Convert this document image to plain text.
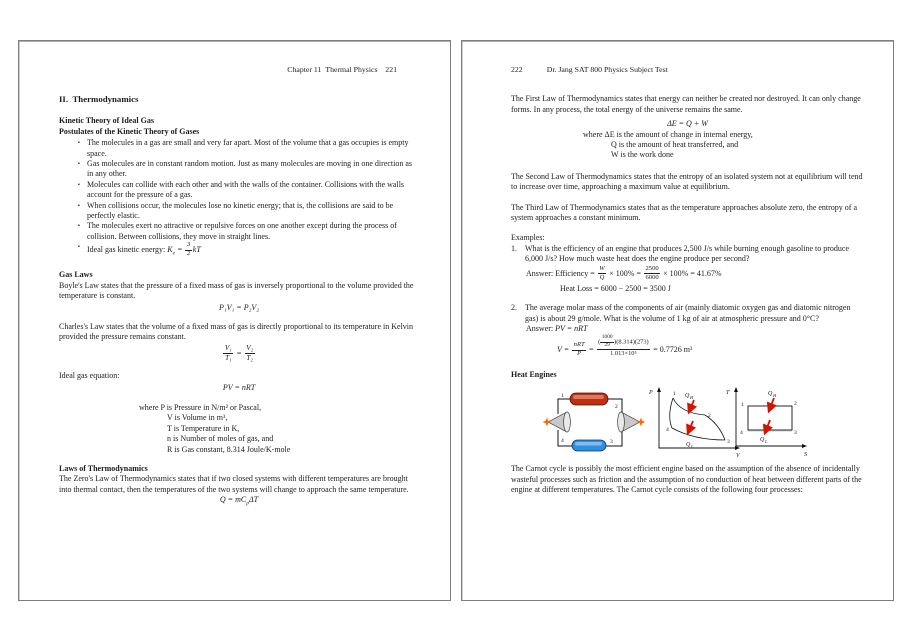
Chapter 11  Thermal Physics    221
II.  Thermodynamics
Kinetic Theory of Ideal Gas
Postulates of the Kinetic Theory of Gases
▪ The molecules in a gas are small and very far apart. Most of the volume that a gas occupies is empty space.
▪ Gas molecules are in constant random motion. Just as many molecules are moving in one direction as in any other.
▪ Molecules can collide with each other and with the walls of the container. Collisions with the walls account for the pressure of a gas.
▪ When collisions occur, the molecules lose no kinetic energy; that is, the collisions are said to be perfectly elastic.
▪ The molecules exert no attractive or repulsive forces on one another except during the process of collision. Between collisions, they move in straight lines.
▪ Ideal gas kinetic energy: $K_e = \frac{3}{2}$ kT
Gas Laws

Boyle's Law states that the pressure of a fixed mass of gas is inversely proportional to the volume provided the temperature is constant.

P₁V₁ = P₂V₂

Charles's Law states that the volume of a fixed mass of gas is directly proportional to its temperature in Kelvin provided the pressure remains constant.

$\frac{\text{V₁}}{\text{T₁}} = \frac{\text{V₂}}{\text{T₂}}$
Ideal gas equation:
PV = nRT
where P is Pressure in N/m² or Pascal,
V is Volume in m³,
T is Temperature in K,
n is Number of moles of gas, and
R is Gas constant, 8.314 Joule/K-mole
Laws of Thermodynamics

The Zero's Law of Thermodynamics states that if two closed systems with different temperatures are brought into thermal contact, then the temperatures of the two systems will change to approach the same temperature.

$Q = mC_p\Delta T$
222	Dr. Jang SAT 800 Physics Subject Test

The First Law of Thermodynamics states that energy can neither be created nor destroyed. It can only change forms. In any process, the total energy of the universe remains the same.

ΔE = Q + W
where ΔE is the amount of change in internal energy,
Q is the amount of heat transferred, and
W is the work done

The Second Law of Thermodynamics states that the entropy of an isolated system not at equilibrium will tend to increase over time, approaching a maximum value at equilibrium.

The Third Law of Thermodynamics states that as the temperature approaches absolute zero, the entropy of a system approaches a constant minimum.

Examples:
1.	What is the efficiency of an engine that produces 2,500 J/s while burning enough gasoline to produce 6,000 J/s? How much waste heat does the engine produce per second?
Answer: Efficiency = $\frac{W}{Q} \times 100\% = \frac{2500}{6000} \times 100\% = 41.67\%$
Heat Loss = 6000 − 2500 = 3500 J
2.	The average molar mass of the components of air (mainly diatomic oxygen gas and diatomic nitrogen gas) is about 29 g/mole. What is the volume of 1 kg of air at atmospheric pressure and 0°C?
Answer: PV = nRT
$V = \frac{\text{nRT}}{P} = \frac{( \frac{1000}{29} )(8.314)(273)}{\text{1.013×10⁵}} = 0.7726$ m³
Heat Engines
1
2
3
4
P
V
1
2
3
4
Q H
Q L
T
S
1	2
3
4
Q H
Q L

The Carnot cycle is possibly the most efficient engine based on the assumption of the absence of incidentally wasteful processes such as friction and the assumption of no conduction of heat between different parts of the engine at different temperatures. The Carnot cycle consists of the following four processes:
